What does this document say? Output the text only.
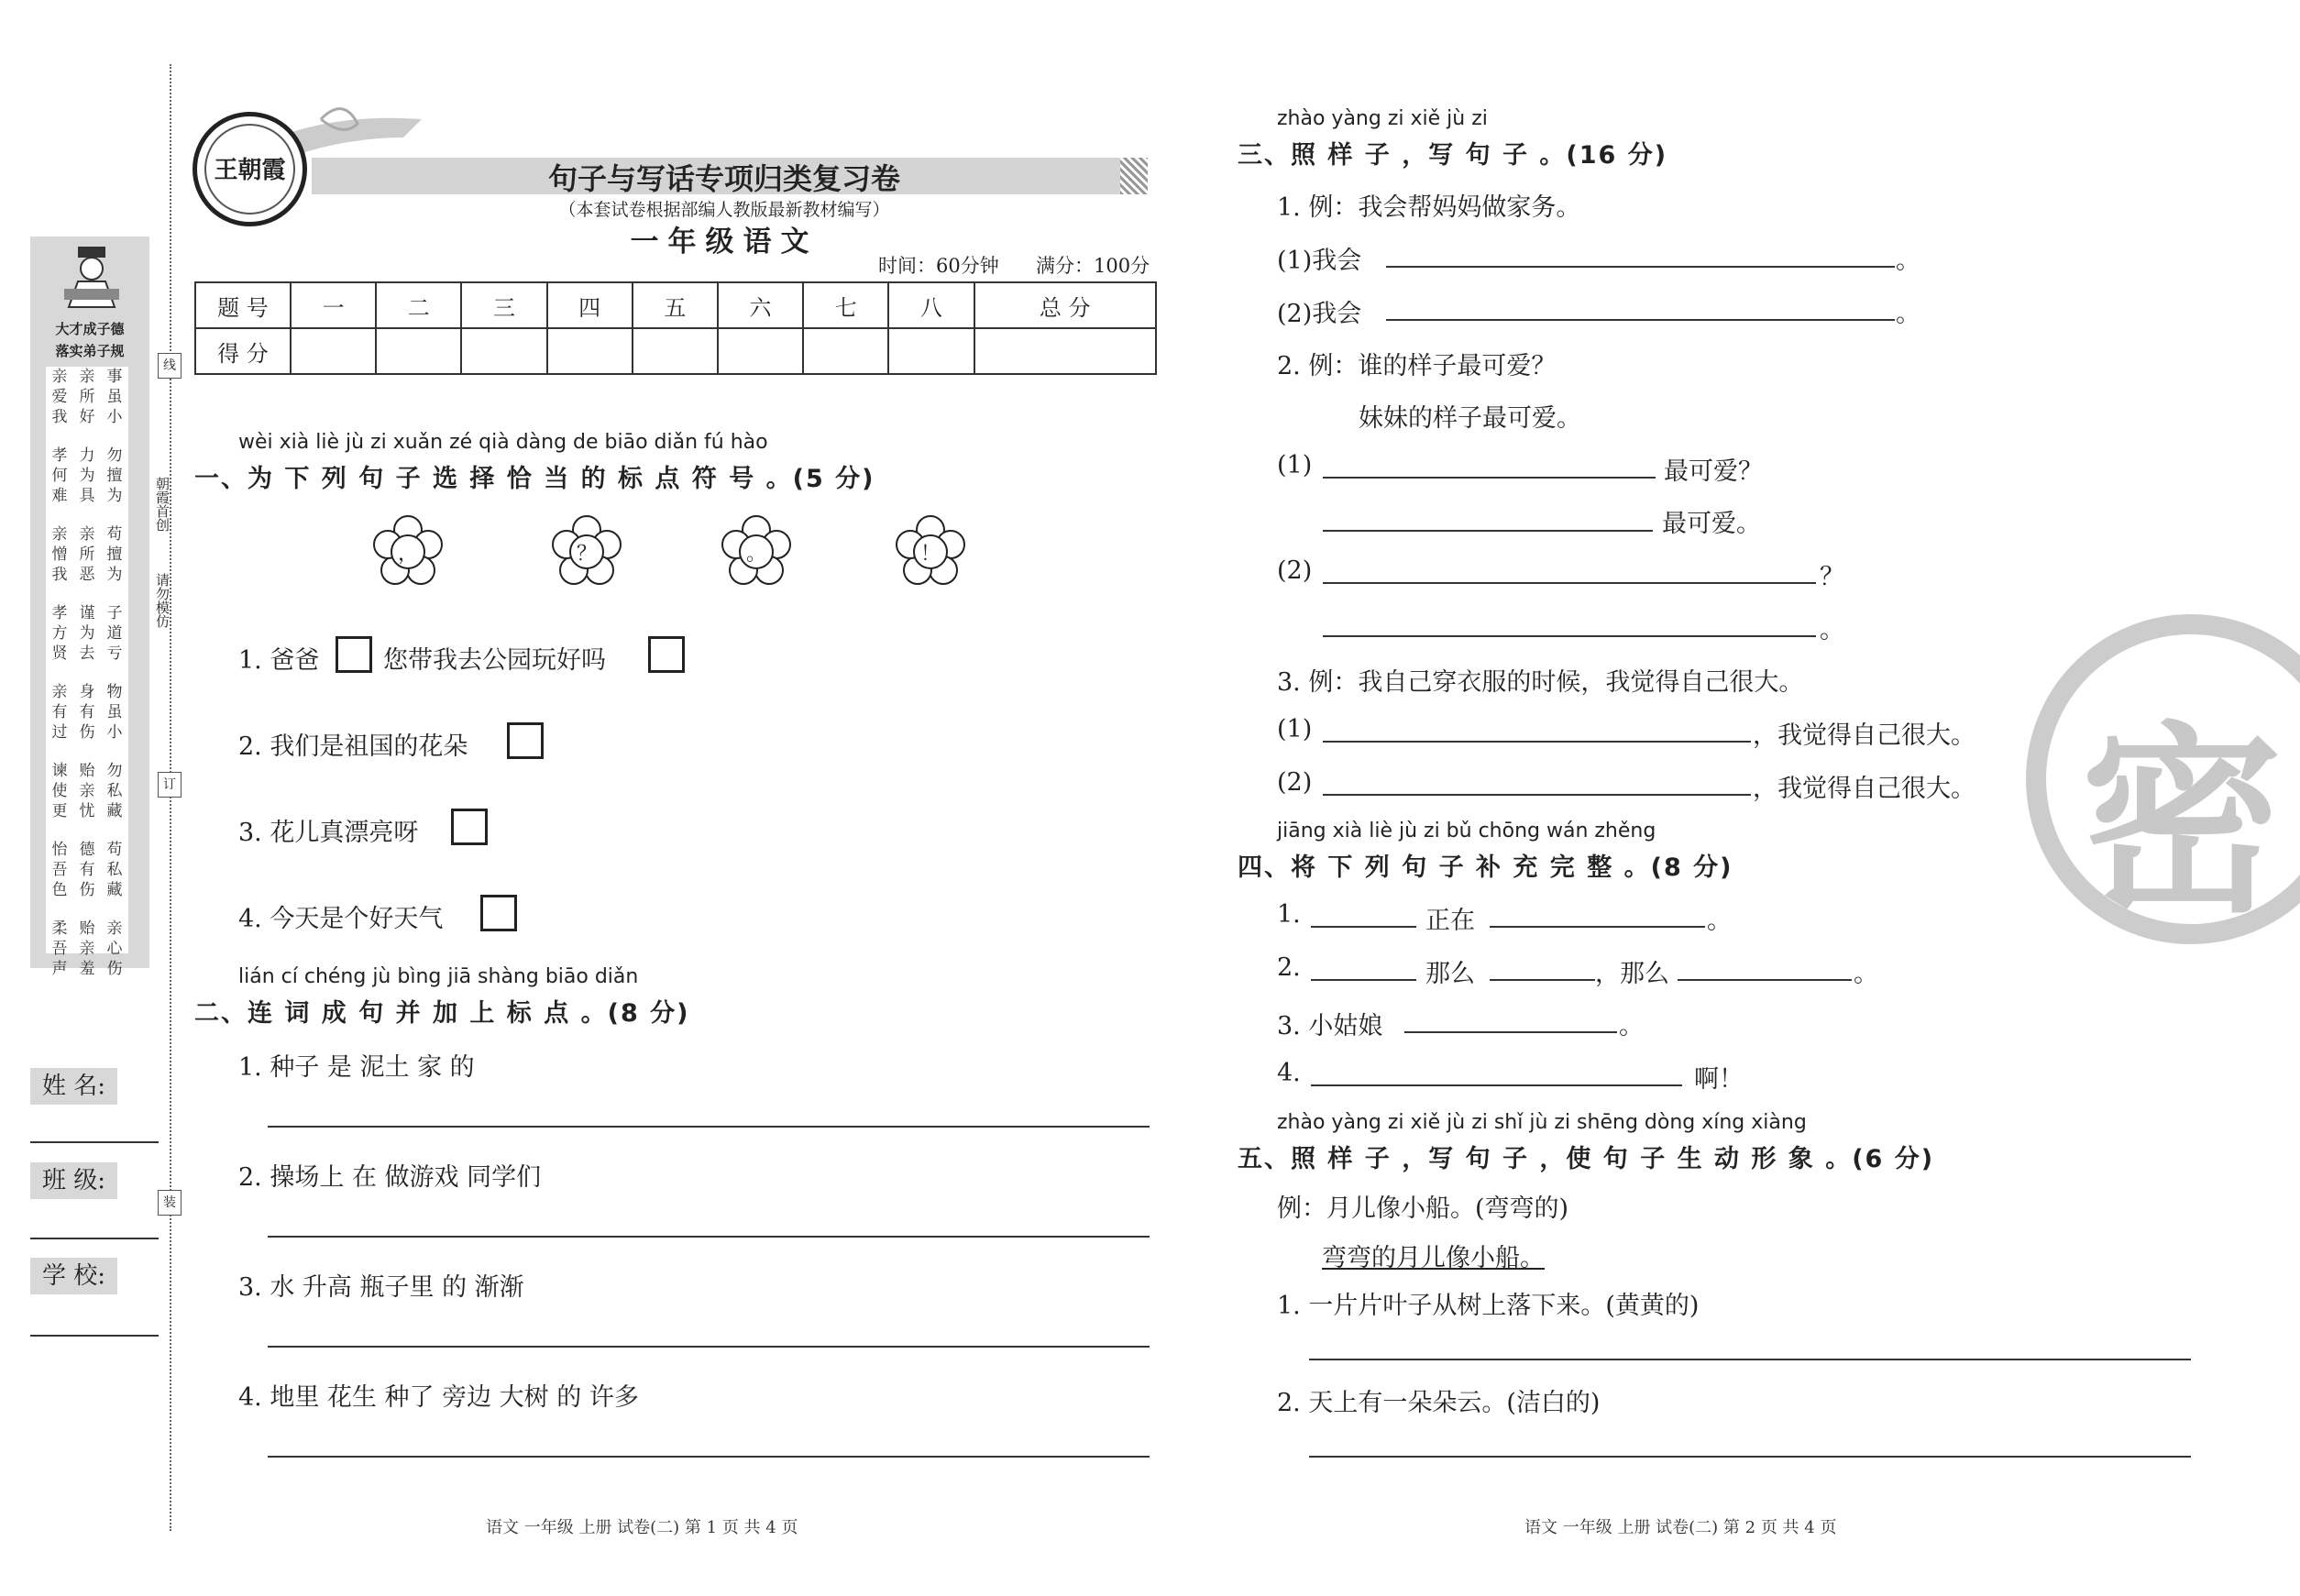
线
订
装
朝霞首创
请勿模仿
大才成子德
落实弟子规
亲 亲 事
爱 所 虽
我 好 小
孝 力 勿
何 为 擅
难 具 为
亲 亲 苟
憎 所 擅
我 恶 为
孝 谨 子
方 为 道
贤 去 亏
亲 身 物
有 有 虽
过 伤 小
谏 贻 勿
使 亲 私
更 忧 藏
怡 德 苟
吾 有 私
色 伤 藏
柔 贻 亲
吾 亲 心
声 羞 伤
姓 名:
班 级:
学 校:
王朝霞	句子与写话专项归类复习卷
（本套试卷根据部编人教版最新教材编写）
一年级语文
时间：60分钟 满分：100分
题 号	一	二	三	四	五	六	七	八	总 分
得 分									
wèi xià liè jù zi xuǎn zé qià dàng de biāo diǎn fú hào
一、为 下 列 句 子 选 择 恰 当 的 标 点 符 号 。(5 分)
，	？	。	！
1. 爸爸	您带我去公园玩好吗
2. 我们是祖国的花朵
3. 花儿真漂亮呀
4. 今天是个好天气
lián cí chéng jù bìng jiā shàng biāo diǎn
二、连 词 成 句 并 加 上 标 点 。(8 分)
1. 种子 是 泥土 家 的
2. 操场上 在 做游戏 同学们
3. 水 升高 瓶子里 的 渐渐
4. 地里 花生 种了 旁边 大树 的 许多
语文 一年级 上册 试卷(二) 第 1 页 共 4 页
密
zhào yàng zi xiě jù zi
三、照 样 子 ，写 句 子 。(16 分)
1. 例：我会帮妈妈做家务。
(1)我会	。
(2)我会	。
2. 例：谁的样子最可爱？
妹妹的样子最可爱。
(1)	最可爱？
最可爱。
(2)	？
。
3. 例：我自己穿衣服的时候，我觉得自己很大。
(1)	，我觉得自己很大。
(2)	，我觉得自己很大。
jiāng xià liè jù zi bǔ chōng wán zhěng
四、将 下 列 句 子 补 充 完 整 。(8 分)
1.	正在	。
2.	那么	，那么	。
3. 小姑娘	。
4.	啊！
zhào yàng zi xiě jù zi shǐ jù zi shēng dòng xíng xiàng
五、照 样 子 ，写 句 子 ，使 句 子 生 动 形 象 。(6 分)
例：月儿像小船。(弯弯的)
弯弯的月儿像小船。
1. 一片片叶子从树上落下来。(黄黄的)
2. 天上有一朵朵云。(洁白的)
语文 一年级 上册 试卷(二) 第 2 页 共 4 页
